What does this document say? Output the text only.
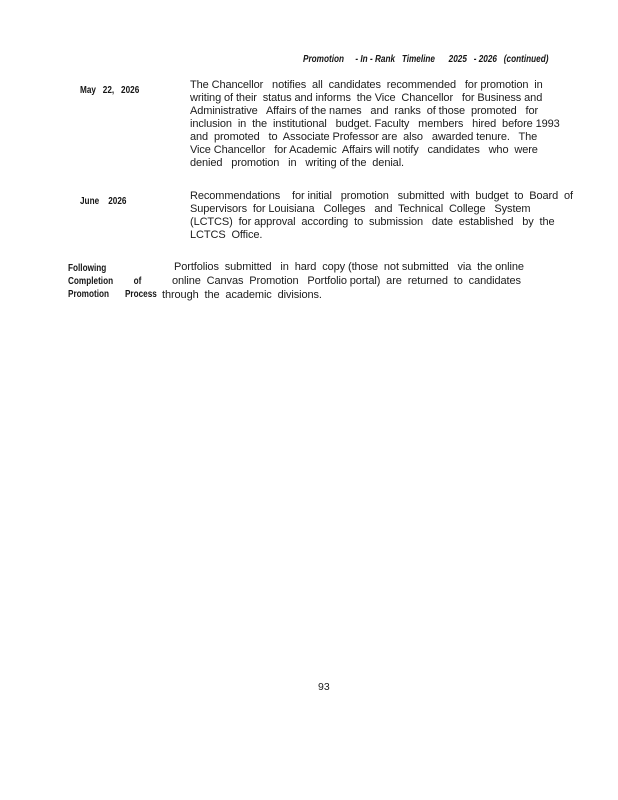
Promotion     - In - Rank   Timeline      2025   - 2026   (continued)
May   22,   2026	The Chancellor   notifies  all  candidates  recommended   for promotion  in
writing of their  status and informs  the Vice  Chancellor   for Business and
Administrative   Affairs of the names   and  ranks  of those  promoted   for
inclusion  in  the  institutional   budget. Faculty   members   hired  before 1993
and  promoted   to  Associate Professor are  also   awarded tenure.   The
Vice Chancellor   for Academic  Affairs will notify   candidates   who  were
denied   promotion   in   writing of the  denial.
June    2026	Recommendations    for initial   promotion   submitted  with  budget  to  Board  of
Supervisors  for Louisiana   Colleges   and  Technical  College   System
(LCTCS)  for approval  according  to  submission   date  established   by  the
LCTCS  Office.
Following
Completion         of
Promotion       Process
Portfolios  submitted   in  hard  copy (those  not submitted   via  the online
online  Canvas  Promotion   Portfolio portal)  are  returned  to  candidates
through  the  academic  divisions.
93
